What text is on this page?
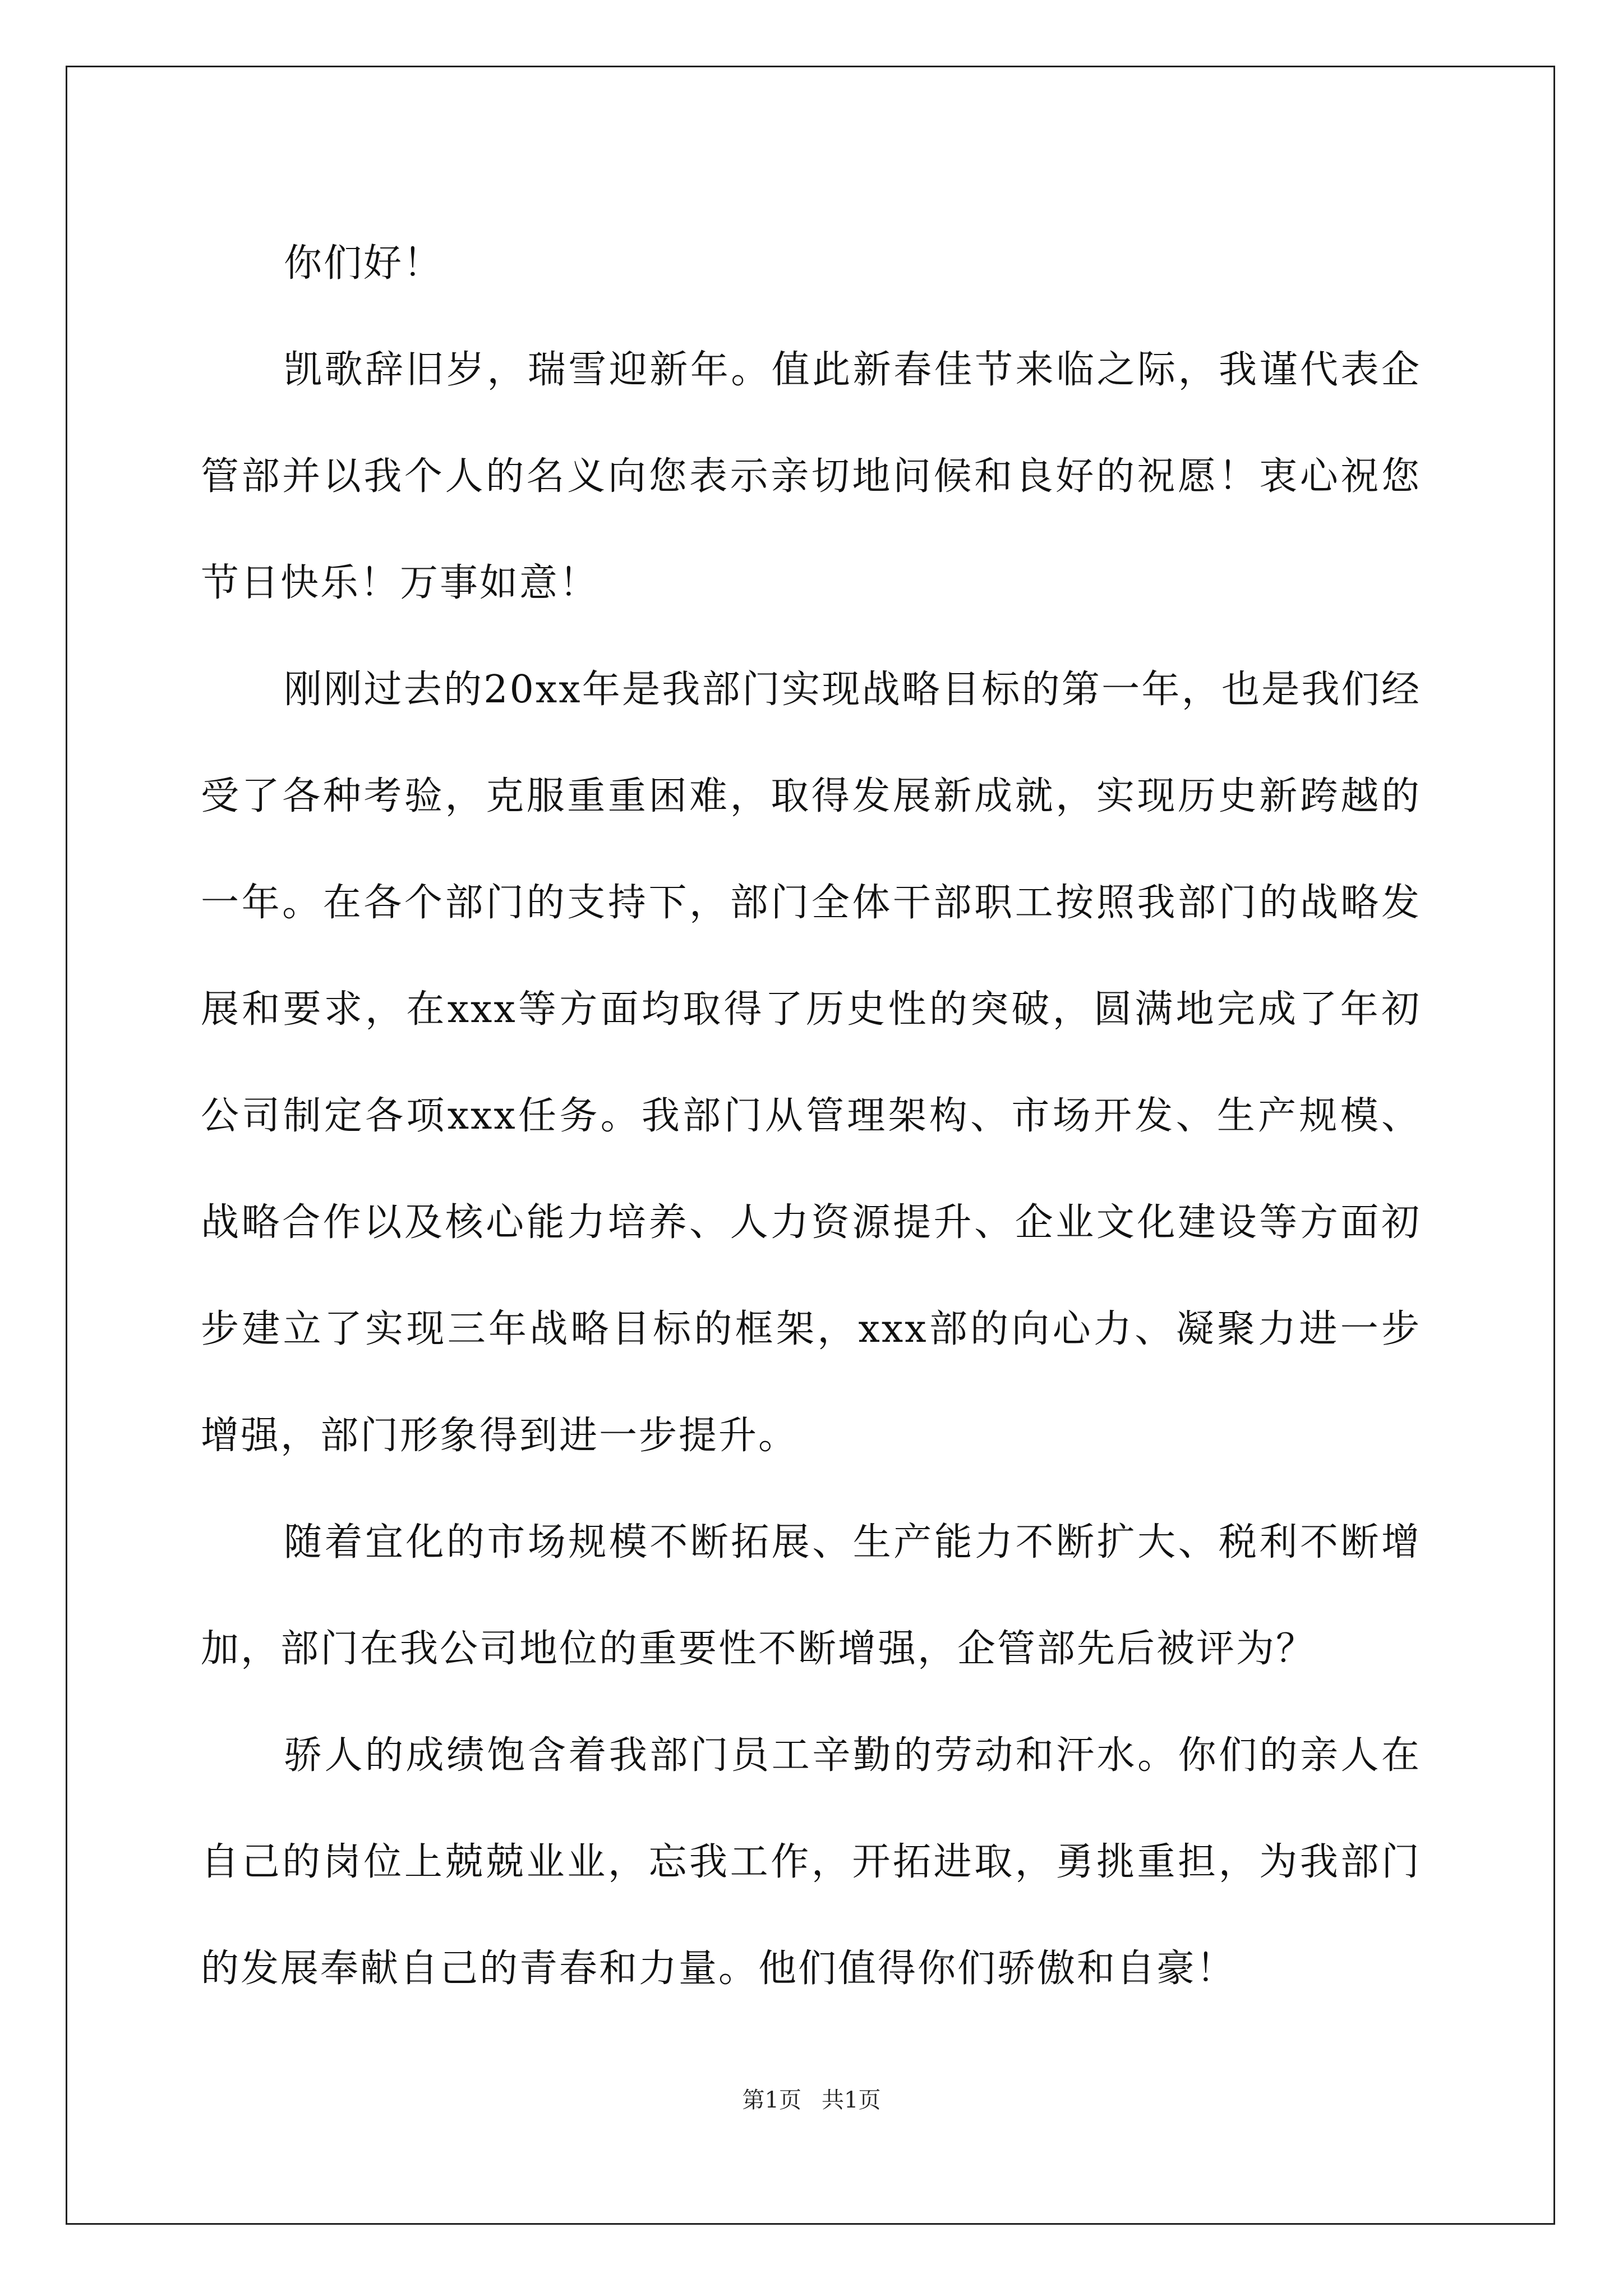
你们好！

凯歌辞旧岁，瑞雪迎新年。值此新春佳节来临之际，我谨代表企管部并以我个人的名义向您表示亲切地问候和良好的祝愿！衷心祝您节日快乐！万事如意！

刚刚过去的20xx年是我部门实现战略目标的第一年，也是我们经受了各种考验，克服重重困难，取得发展新成就，实现历史新跨越的一年。在各个部门的支持下，部门全体干部职工按照我部门的战略发展和要求，在xxx等方面均取得了历史性的突破，圆满地完成了年初公司制定各项xxx任务。我部门从管理架构、市场开发、生产规模、战略合作以及核心能力培养、人力资源提升、企业文化建设等方面初步建立了实现三年战略目标的框架，xxx部的向心力、凝聚力进一步增强，部门形象得到进一步提升。

随着宜化的市场规模不断拓展、生产能力不断扩大、税利不断增加，部门在我公司地位的重要性不断增强，企管部先后被评为？

骄人的成绩饱含着我部门员工辛勤的劳动和汗水。你们的亲人在自己的岗位上兢兢业业，忘我工作，开拓进取，勇挑重担，为我部门的发展奉献自己的青春和力量。他们值得你们骄傲和自豪！

第1页 共1页
